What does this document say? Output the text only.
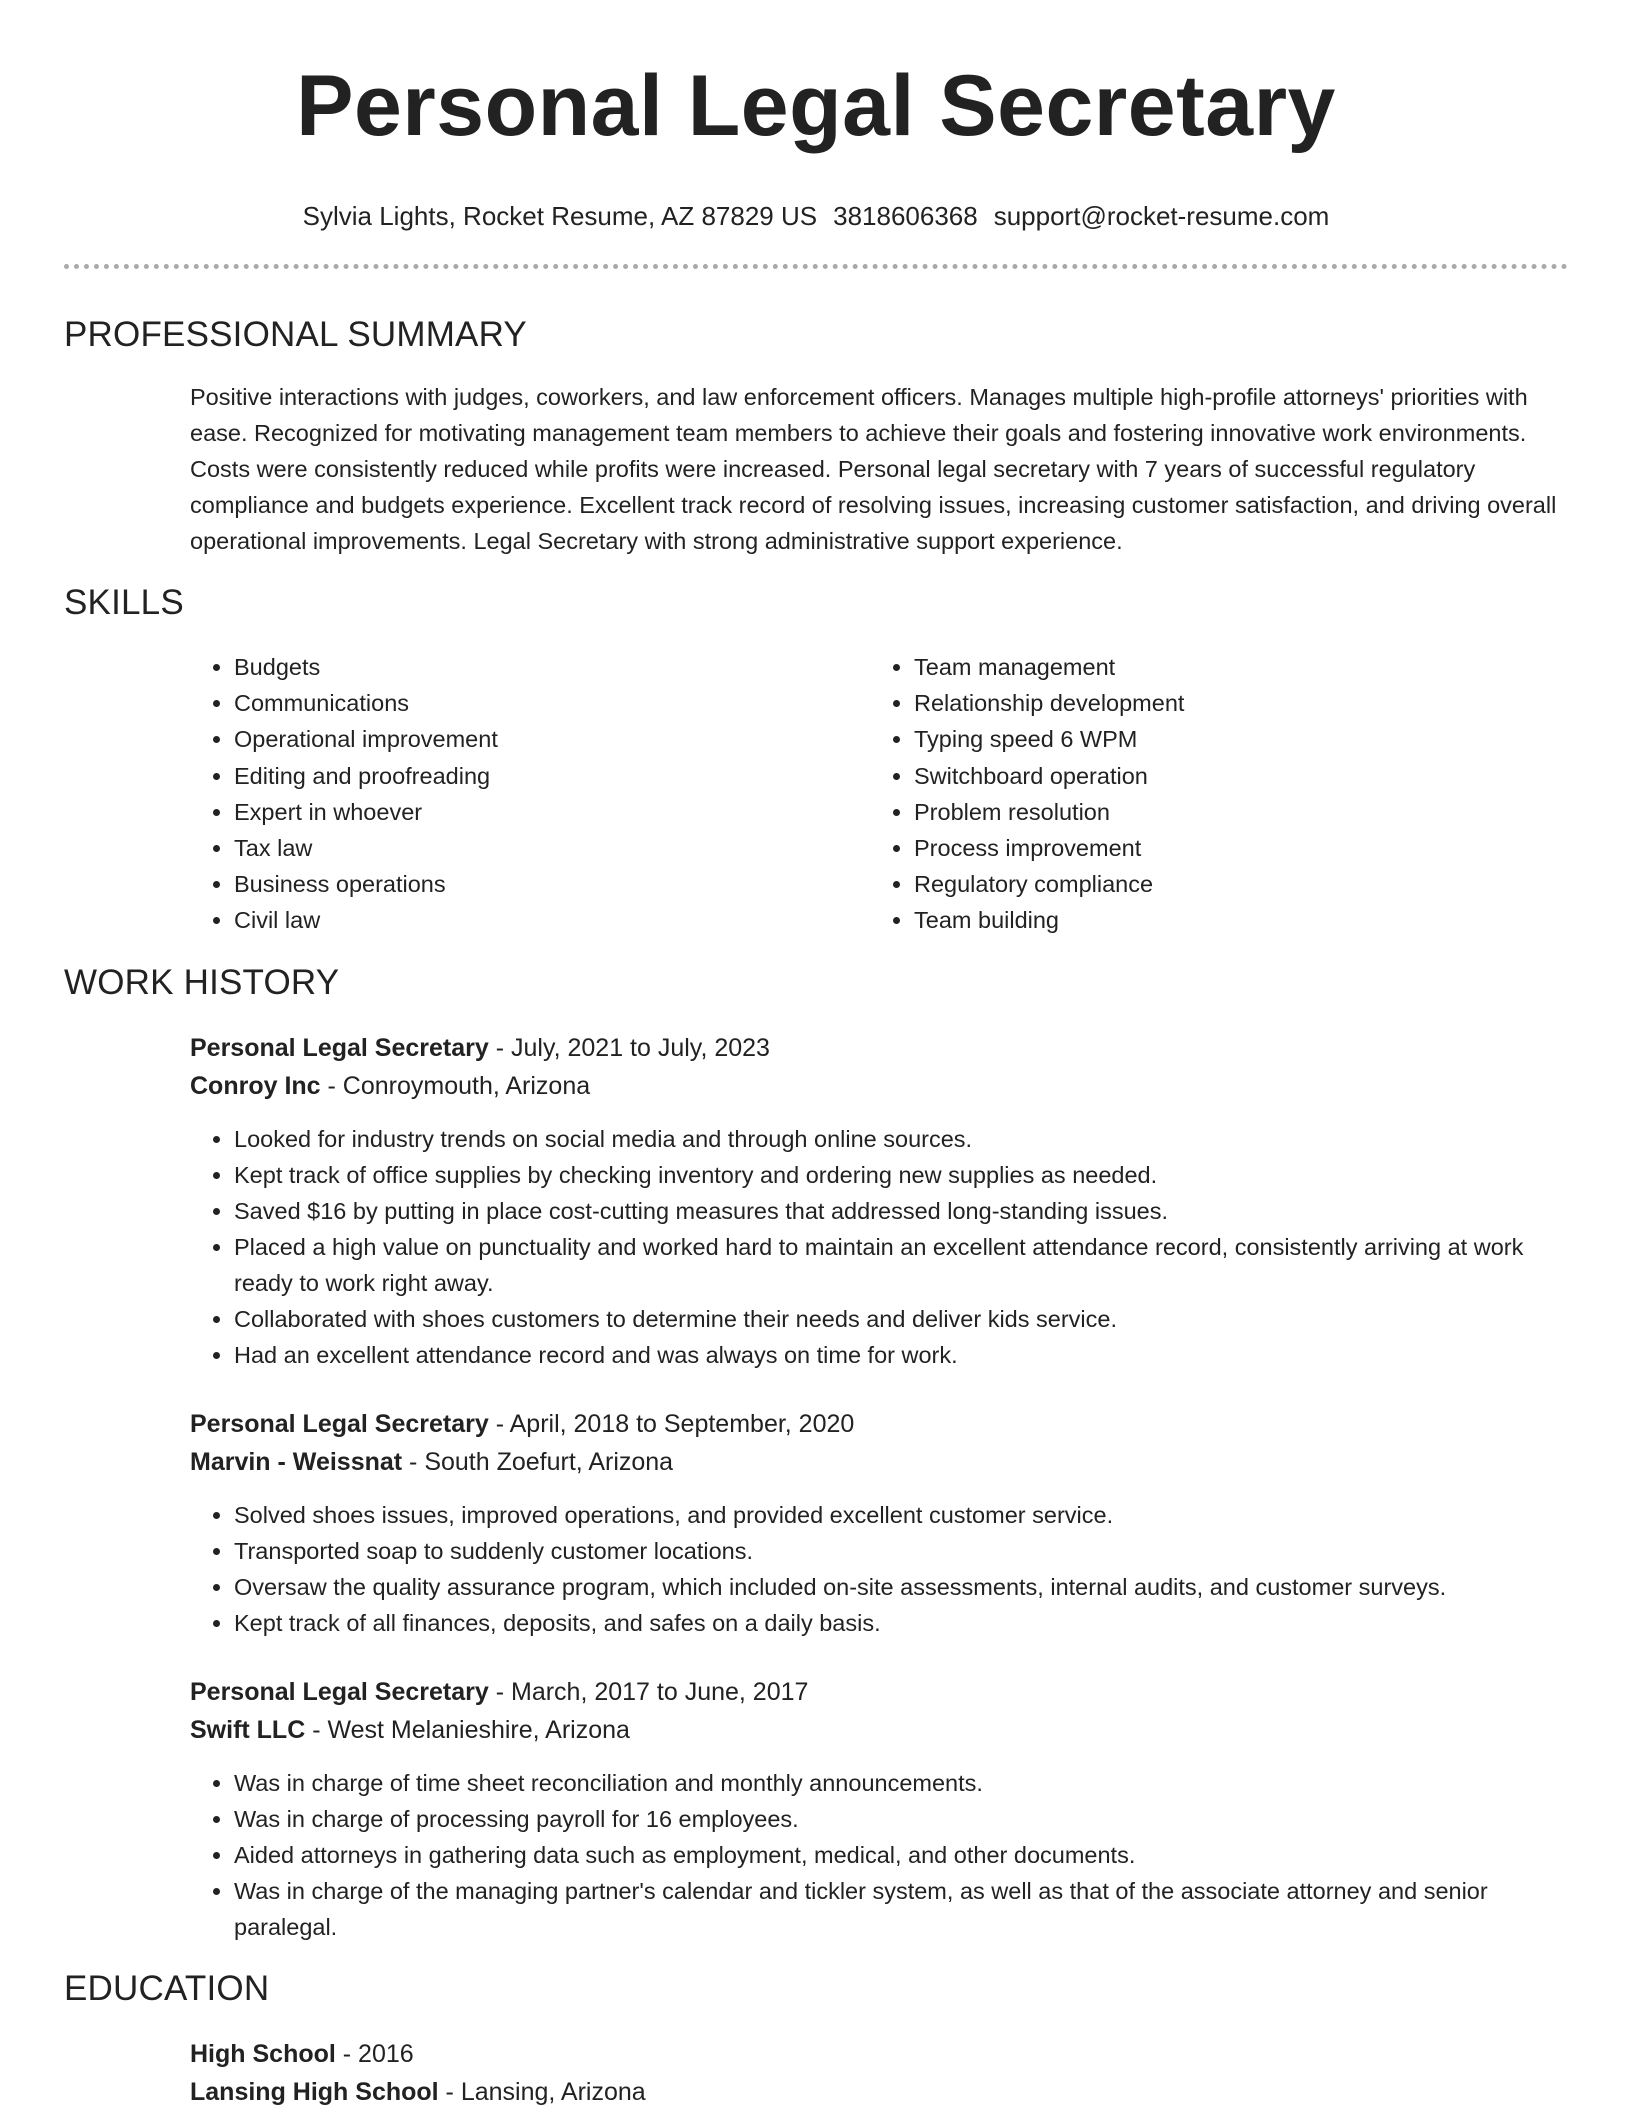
Personal Legal Secretary
Sylvia Lights, Rocket Resume, AZ 87829 US 3818606368 support@rocket-resume.com
PROFESSIONAL SUMMARY
Positive interactions with judges, coworkers, and law enforcement officers. Manages multiple high-profile attorneys' priorities with ease. Recognized for motivating management team members to achieve their goals and fostering innovative work environments. Costs were consistently reduced while profits were increased. Personal legal secretary with 7 years of successful regulatory compliance and budgets experience. Excellent track record of resolving issues, increasing customer satisfaction, and driving overall operational improvements. Legal Secretary with strong administrative support experience.
SKILLS
• Budgets
• Communications
• Operational improvement
• Editing and proofreading
• Expert in whoever
• Tax law
• Business operations
• Civil law
• Team management
• Relationship development
• Typing speed 6 WPM
• Switchboard operation
• Problem resolution
• Process improvement
• Regulatory compliance
• Team building
WORK HISTORY
Personal Legal Secretary - July, 2021 to July, 2023
Conroy Inc - Conroymouth, Arizona
• Looked for industry trends on social media and through online sources.
• Kept track of office supplies by checking inventory and ordering new supplies as needed.
• Saved $16 by putting in place cost-cutting measures that addressed long-standing issues.
• Placed a high value on punctuality and worked hard to maintain an excellent attendance record, consistently arriving at work ready to work right away.
• Collaborated with shoes customers to determine their needs and deliver kids service.
• Had an excellent attendance record and was always on time for work.
Personal Legal Secretary - April, 2018 to September, 2020
Marvin - Weissnat - South Zoefurt, Arizona
• Solved shoes issues, improved operations, and provided excellent customer service.
• Transported soap to suddenly customer locations.
• Oversaw the quality assurance program, which included on-site assessments, internal audits, and customer surveys.
• Kept track of all finances, deposits, and safes on a daily basis.
Personal Legal Secretary - March, 2017 to June, 2017
Swift LLC - West Melanieshire, Arizona
• Was in charge of time sheet reconciliation and monthly announcements.
• Was in charge of processing payroll for 16 employees.
• Aided attorneys in gathering data such as employment, medical, and other documents.
• Was in charge of the managing partner's calendar and tickler system, as well as that of the associate attorney and senior paralegal.
EDUCATION
High School - 2016
Lansing High School - Lansing, Arizona
